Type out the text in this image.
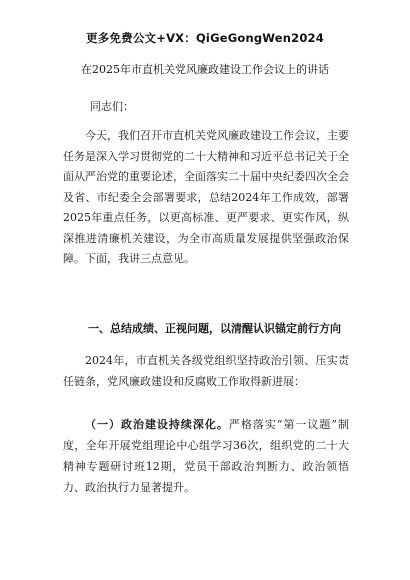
更多免费公文+VX：QiGeGongWen2024
在2025年市直机关党风廉政建设工作会议上的讲话
同志们：
今天，我们召开市直机关党风廉政建设工作会议，主要任务是深入学习贯彻党的二十大精神和习近平总书记关于全面从严治党的重要论述，全面落实二十届中央纪委四次全会及省、市纪委全会部署要求，总结2024年工作成效，部署2025年重点任务，以更高标准、更严要求、更实作风，纵深推进清廉机关建设，为全市高质量发展提供坚强政治保障。下面，我讲三点意见。
一、总结成绩、正视问题，以清醒认识锚定前行方向
2024年，市直机关各级党组织坚持政治引领、压实责任链条，党风廉政建设和反腐败工作取得新进展：
（一）政治建设持续深化。严格落实“第一议题”制度，全年开展党组理论中心组学习36次，组织党的二十大精神专题研讨班12期，党员干部政治判断力、政治领悟力、政治执行力显著提升。
